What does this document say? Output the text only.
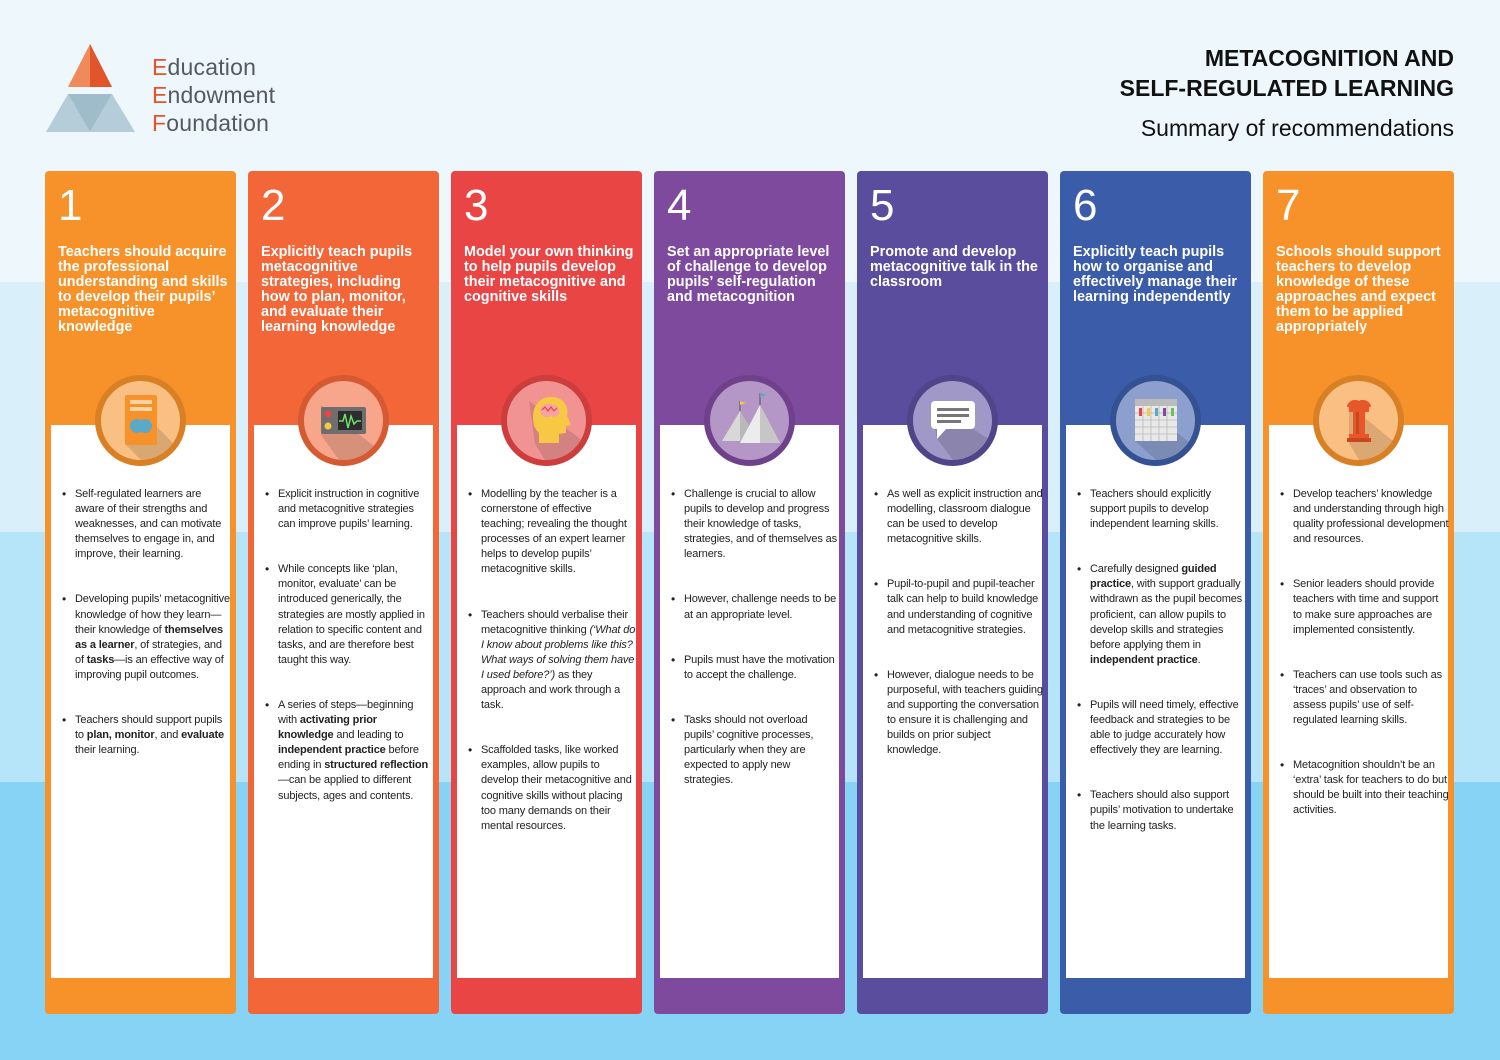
Education
Endowment
Foundation
METACOGNITION AND
SELF-REGULATED LEARNING
Summary of recommendations
1
Teachers should acquire the professional understanding and skills to develop their pupils’ metacognitive knowledge
• Self-regulated learners are aware of their strengths and weaknesses, and can motivate themselves to engage in, and improve, their learning.
• Developing pupils’ metacognitive knowledge of how they learn—their knowledge of themselves as a learner, of strategies, and of tasks—is an effective way of improving pupil outcomes.
• Teachers should support pupils to plan, monitor, and evaluate their learning.
2
Explicitly teach pupils metacognitive strategies, including how to plan, monitor, and evaluate their learning knowledge
• Explicit instruction in cognitive and metacognitive strategies can improve pupils’ learning.
• While concepts like ‘plan, monitor, evaluate’ can be introduced generically, the strategies are mostly applied in relation to specific content and tasks, and are therefore best taught this way.
• A series of steps—beginning with activating prior knowledge and leading to independent practice before ending in structured reflection—can be applied to different subjects, ages and contents.
3
Model your own thinking to help pupils develop their metacognitive and cognitive skills
• Modelling by the teacher is a cornerstone of effective teaching; revealing the thought processes of an expert learner helps to develop pupils’ metacognitive skills.
• Teachers should verbalise their metacognitive thinking (‘What do I know about problems like this? What ways of solving them have I used before?’) as they approach and work through a task.
• Scaffolded tasks, like worked examples, allow pupils to develop their metacognitive and cognitive skills without placing too many demands on their mental resources.
4
Set an appropriate level of challenge to develop pupils’ self-regulation and metacognition
• Challenge is crucial to allow pupils to develop and progress their knowledge of tasks, strategies, and of themselves as learners.
• However, challenge needs to be at an appropriate level.
• Pupils must have the motivation to accept the challenge.
• Tasks should not overload pupils’ cognitive processes, particularly when they are expected to apply new strategies.
5
Promote and develop metacognitive talk in the classroom
• As well as explicit instruction and modelling, classroom dialogue can be used to develop metacognitive skills.
• Pupil-to-pupil and pupil-teacher talk can help to build knowledge and understanding of cognitive and metacognitive strategies.
• However, dialogue needs to be purposeful, with teachers guiding and supporting the conversation to ensure it is challenging and builds on prior subject knowledge.
6
Explicitly teach pupils how to organise and effectively manage their learning independently
• Teachers should explicitly support pupils to develop independent learning skills.
• Carefully designed guided practice, with support gradually withdrawn as the pupil becomes proficient, can allow pupils to develop skills and strategies before applying them in independent practice.
• Pupils will need timely, effective feedback and strategies to be able to judge accurately how effectively they are learning.
• Teachers should also support pupils’ motivation to undertake the learning tasks.
7
Schools should support teachers to develop knowledge of these approaches and expect them to be applied appropriately
• Develop teachers’ knowledge and understanding through high quality professional development and resources.
• Senior leaders should provide teachers with time and support to make sure approaches are implemented consistently.
• Teachers can use tools such as ‘traces’ and observation to assess pupils’ use of self-regulated learning skills.
• Metacognition shouldn’t be an ‘extra’ task for teachers to do but should be built into their teaching activities.
